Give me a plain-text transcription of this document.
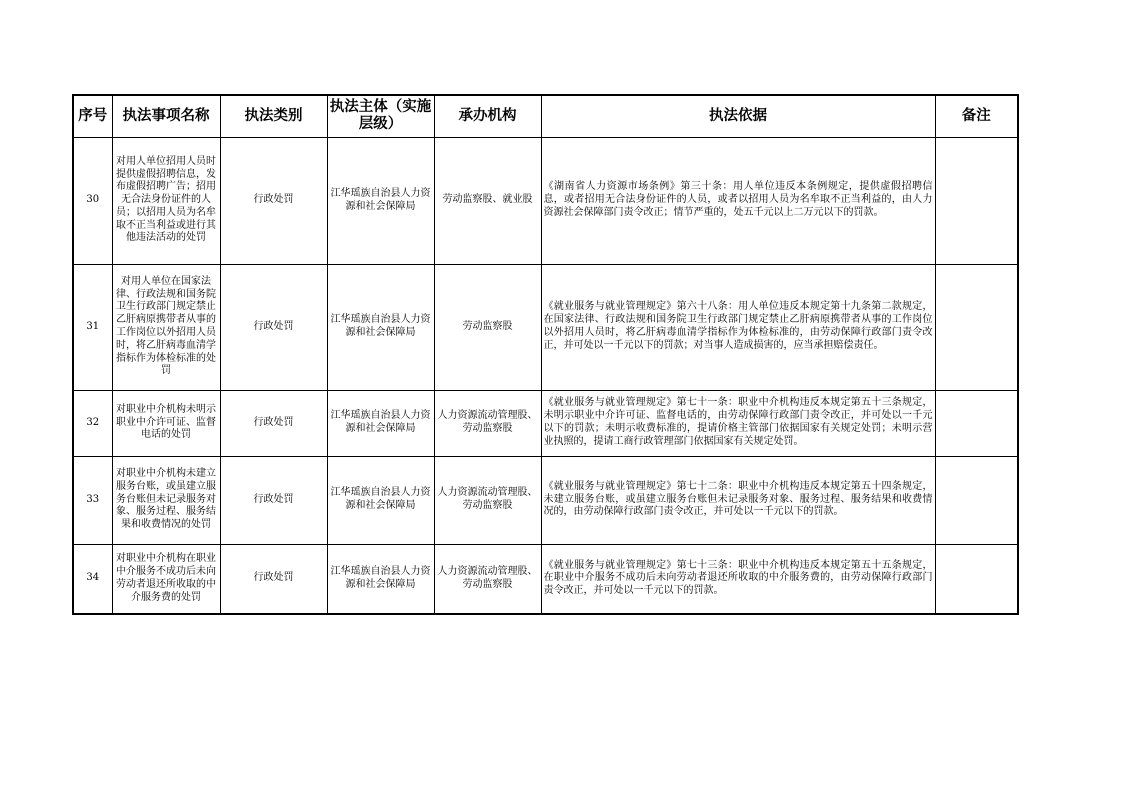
序号	执法事项名称	执法类别	执法主体（实施层级）	承办机构	执法依据	备注
30	对用人单位招用人员时提供虚假招聘信息，发布虚假招聘广告；招用无合法身份证件的人员；以招用人员为名牟取不正当利益或进行其他违法活动的处罚	行政处罚	江华瑶族自治县人力资源和社会保障局	劳动监察股、就业股	《湖南省人力资源市场条例》第三十条：用人单位违反本条例规定，提供虚假招聘信息，或者招用无合法身份证件的人员，或者以招用人员为名牟取不正当利益的，由人力资源社会保障部门责令改正；情节严重的，处五千元以上二万元以下的罚款。	
31	对用人单位在国家法律、行政法规和国务院卫生行政部门规定禁止乙肝病原携带者从事的工作岗位以外招用人员时，将乙肝病毒血清学指标作为体检标准的处罚	行政处罚	江华瑶族自治县人力资源和社会保障局	劳动监察股	《就业服务与就业管理规定》第六十八条：用人单位违反本规定第十九条第二款规定，在国家法律、行政法规和国务院卫生行政部门规定禁止乙肝病原携带者从事的工作岗位以外招用人员时，将乙肝病毒血清学指标作为体检标准的，由劳动保障行政部门责令改正，并可处以一千元以下的罚款；对当事人造成损害的，应当承担赔偿责任。	
32	对职业中介机构未明示职业中介许可证、监督电话的处罚	行政处罚	江华瑶族自治县人力资源和社会保障局	人力资源流动管理股、劳动监察股	《就业服务与就业管理规定》第七十一条：职业中介机构违反本规定第五十三条规定，未明示职业中介许可证、监督电话的，由劳动保障行政部门责令改正，并可处以一千元以下的罚款；未明示收费标准的，提请价格主管部门依据国家有关规定处罚；未明示营业执照的，提请工商行政管理部门依据国家有关规定处罚。	
33	对职业中介机构未建立服务台账，或虽建立服务台账但未记录服务对象、服务过程、服务结果和收费情况的处罚	行政处罚	江华瑶族自治县人力资源和社会保障局	人力资源流动管理股、劳动监察股	《就业服务与就业管理规定》第七十二条：职业中介机构违反本规定第五十四条规定，未建立服务台账，或虽建立服务台账但未记录服务对象、服务过程、服务结果和收费情况的，由劳动保障行政部门责令改正，并可处以一千元以下的罚款。	
34	对职业中介机构在职业中介服务不成功后未向劳动者退还所收取的中介服务费的处罚	行政处罚	江华瑶族自治县人力资源和社会保障局	人力资源流动管理股、劳动监察股	《就业服务与就业管理规定》第七十三条：职业中介机构违反本规定第五十五条规定，在职业中介服务不成功后未向劳动者退还所收取的中介服务费的，由劳动保障行政部门责令改正，并可处以一千元以下的罚款。	
